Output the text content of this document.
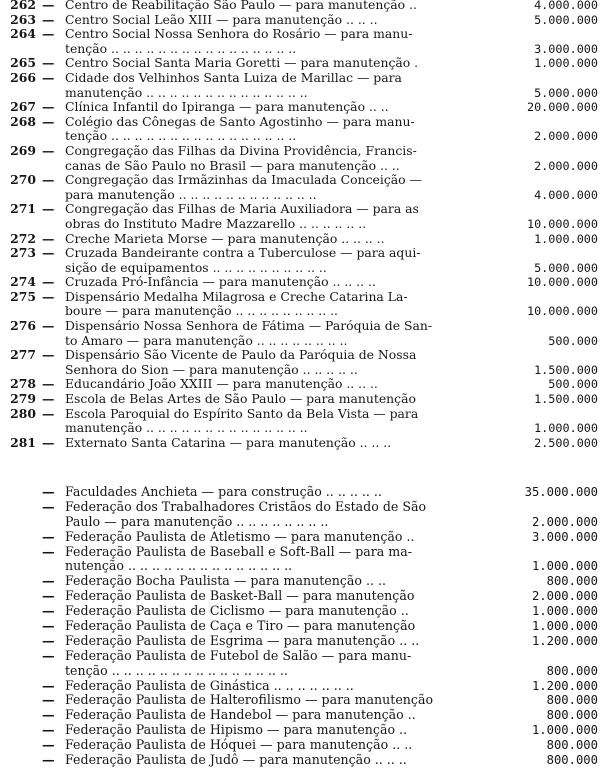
262 — Centro de Reabilitação São Paulo — para manutenção ..	4.000.000
263 — Centro Social Leão XIII — para manutenção .. .. ..	5.000.000
264 — Centro Social Nossa Senhora do Rosário — para manu-
tenção .. .. .. .. .. .. .. .. .. .. .. .. .. .. .. ..	3.000.000
265 — Centro Social Santa Maria Goretti — para manutenção .	1.000.000
266 — Cidade dos Velhinhos Santa Luiza de Marillac — para
manutenção .. .. .. .. .. .. .. .. .. .. .. .. .. ..	5.000.000
267 — Clínica Infantil do Ipiranga — para manutenção .. ..	20.000.000
268 — Colégio das Cônegas de Santo Agostinho — para manu-
tenção .. .. .. .. .. .. .. .. .. .. .. .. .. .. .. ..	2.000.000
269 — Congregação das Filhas da Divina Providência, Francis-
canas de São Paulo no Brasil — para manutenção .. ..	2.000.000
270 — Congregação das Irmãzinhas da Imaculada Conceição —
para manutenção .. .. .. .. .. .. .. .. .. .. .. ..	4.000.000
271 — Congregação das Filhas de Maria Auxiliadora — para as
obras do Instituto Madre Mazzarello .. .. .. .. .. ..	10.000.000
272 — Creche Marieta Morse — para manutenção .. .. .. ..	1.000.000
273 — Cruzada Bandeirante contra a Tuberculose — para aqui-
sição de equipamentos .. .. .. .. .. .. .. .. .. ..	5.000.000
274 — Cruzada Pró-Infância — para manutenção .. .. .. ..	10.000.000
275 — Dispensário Medalha Milagrosa e Creche Catarina La-
boure — para manutenção .. .. .. .. .. .. .. .. ..	10.000.000
276 — Dispensário Nossa Senhora de Fátima — Paróquia de San-
to Amaro — para manutenção .. .. .. .. .. .. .. ..	500.000
277 — Dispensário São Vicente de Paulo da Paróquia de Nossa
Senhora do Sion — para manutenção .. .. .. .. ..	1.500.000
278 — Educandário João XXIII — para manutenção .. .. ..	500.000
279 — Escola de Belas Artes de São Paulo — para manutenção	1.500.000
280 — Escola Paroquial do Espírito Santo da Bela Vista — para
manutenção .. .. .. .. .. .. .. .. .. .. .. .. .. ..	1.000.000
281 — Externato Santa Catarina — para manutenção .. .. ..	2.500.000
— Faculdades Anchieta — para construção .. .. .. .. ..	35.000.000
— Federação dos Trabalhadores Cristãos do Estado de São
Paulo — para manutenção .. .. .. .. .. .. .. ..	2.000.000
— Federação Paulista de Atletismo — para manutenção ..	3.000.000
— Federação Paulista de Baseball e Soft-Ball — para ma-
nutenção .. .. .. .. .. .. .. .. .. .. .. .. .. ..	1.000.000
— Federação Bocha Paulista — para manutenção .. ..	800.000
— Federação Paulista de Basket-Ball — para manutenção	2.000.000
— Federação Paulista de Ciclismo — para manutenção ..	1.000.000
— Federação Paulista de Caça e Tiro — para manutenção	1.000.000
— Federação Paulista de Esgrima — para manutenção .. ..	1.200.000
— Federação Paulista de Futebol de Salão — para manu-
tenção .. .. .. .. .. .. .. .. .. .. .. .. .. .. ..	800.000
— Federação Paulista de Ginástica .. .. .. .. .. .. ..	1.200.000
— Federação Paulista de Halterofilismo — para manutenção	800.000
— Federação Paulista de Handebol — para manutenção ..	800.000
— Federação Paulista de Hipismo — para manutenção ..	1.000.000
— Federação Paulista de Hóquei — para manutenção .. ..	800.000
— Federação Paulista de Judô — para manutenção .. .. ..	800.000
